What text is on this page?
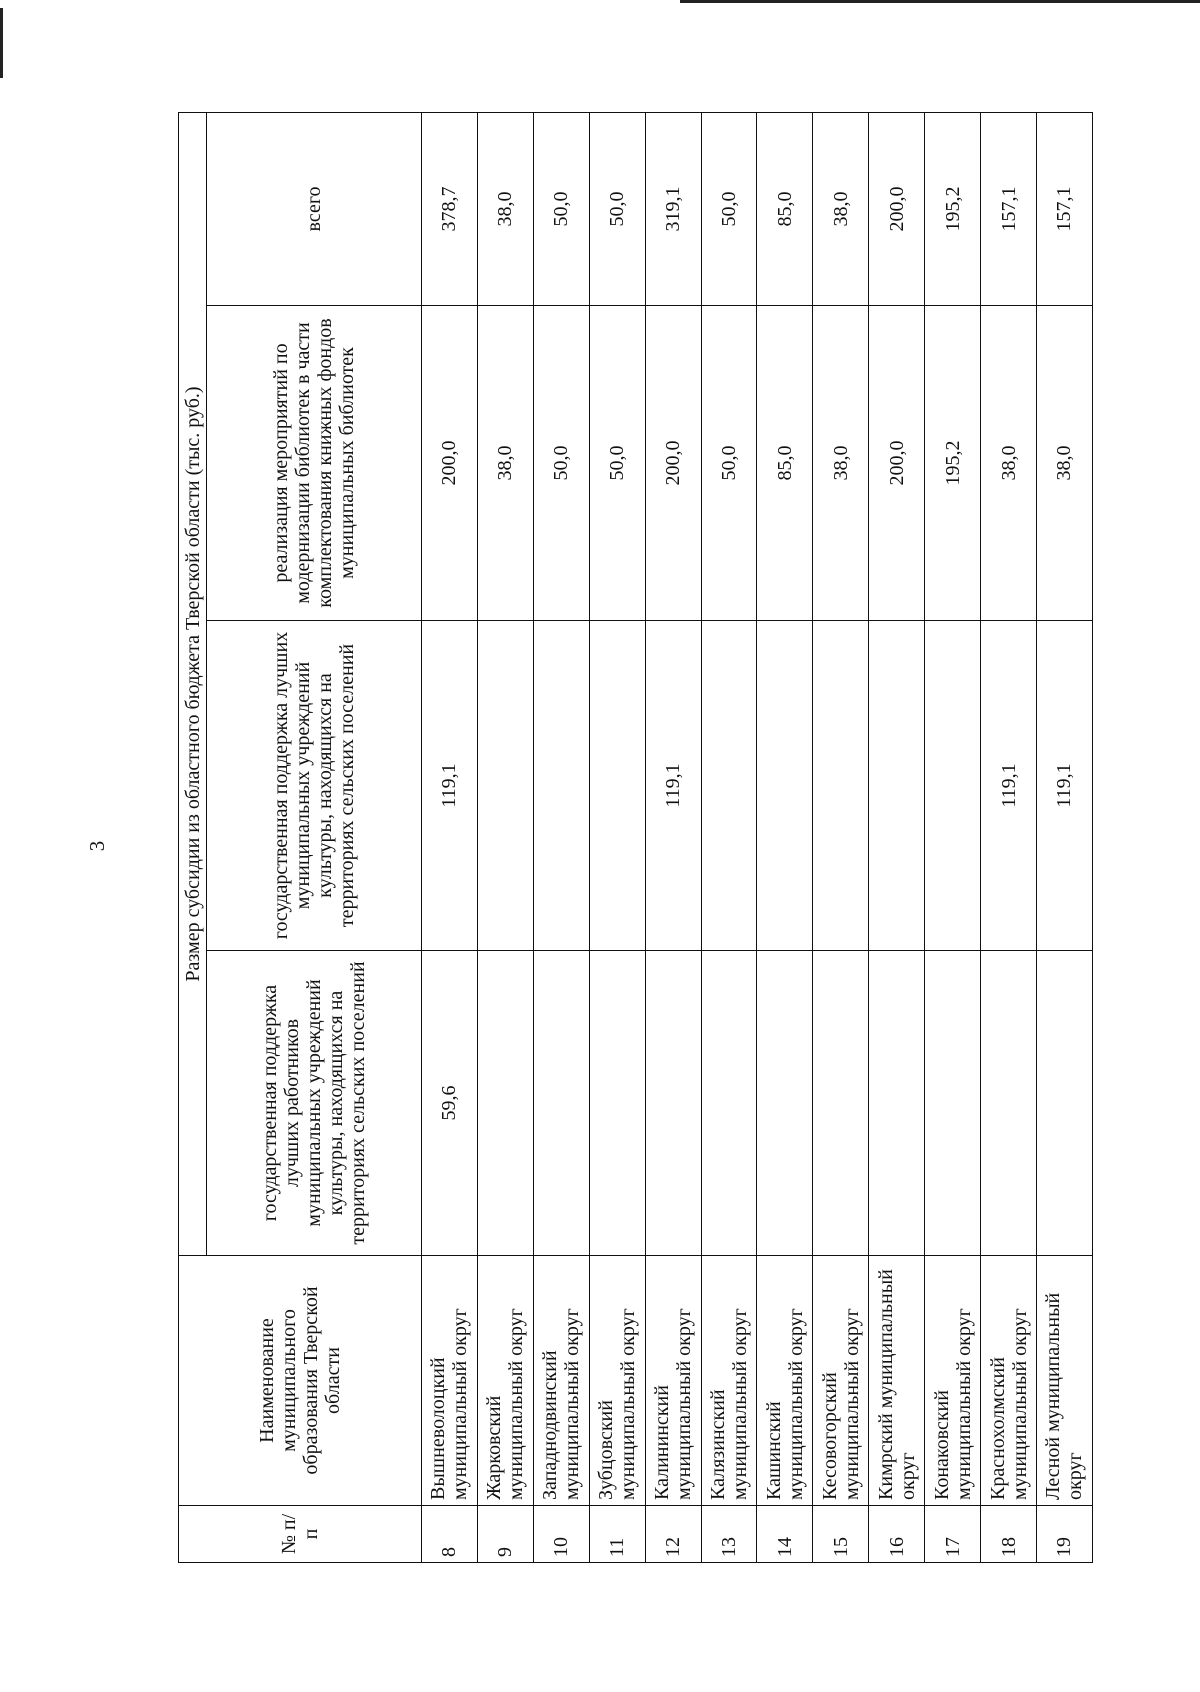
3
№ п/п	Наименование муниципального образования Тверской области	Размер субсидии из областного бюджета Тверской области (тыс. руб.)			
		государственная поддержка лучших работников муниципальных учреждений культуры, находящихся на территориях сельских поселений	государственная поддержка лучших муниципальных учреждений культуры, находящихся на территориях сельских поселений	реализация мероприятий по модернизации библиотек в части комплектования книжных фондов муниципальных библиотек	всего
8	Вышневолоцкий муниципальный округ	59,6	119,1	200,0	378,7
9	Жарковский муниципальный округ			38,0	38,0
10	Западнодвинский муниципальный округ			50,0	50,0
11	Зубцовский муниципальный округ			50,0	50,0
12	Калининский муниципальный округ		119,1	200,0	319,1
13	Калязинский муниципальный округ			50,0	50,0
14	Кашинский муниципальный округ			85,0	85,0
15	Кесовогорский муниципальный округ			38,0	38,0
16	Кимрский муниципальный округ			200,0	200,0
17	Конаковский муниципальный округ			195,2	195,2
18	Краснохолмский муниципальный округ		119,1	38,0	157,1
19	Лесной муниципальный округ		119,1	38,0	157,1
